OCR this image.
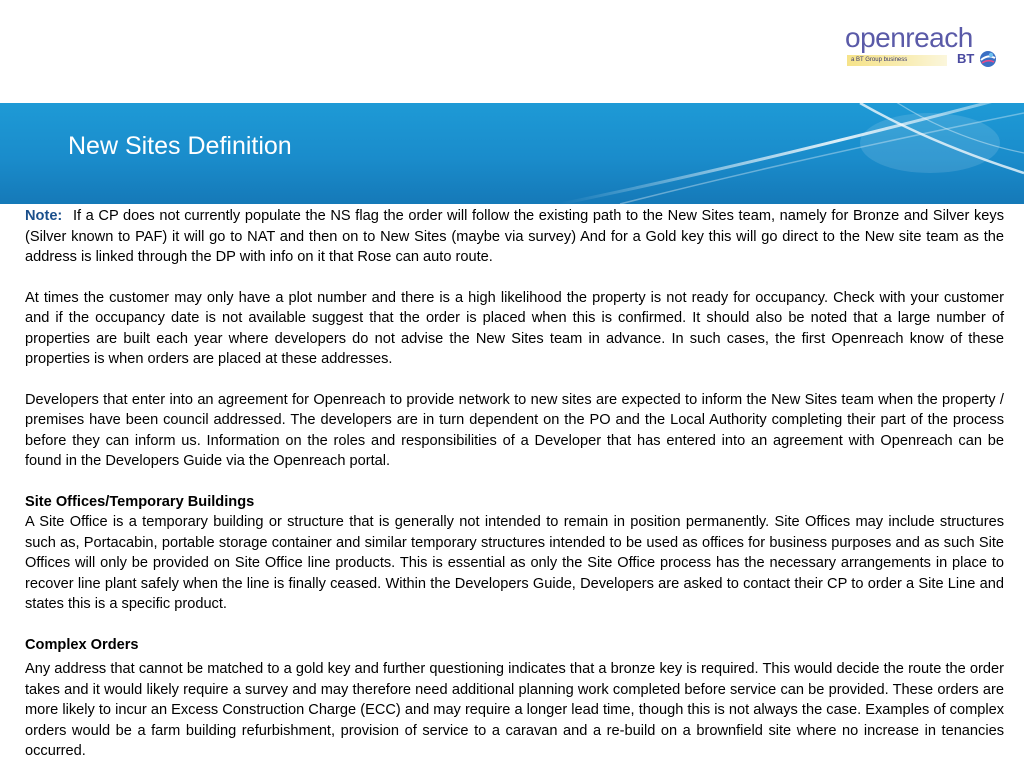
openreach
a BT Group business	BT
New Sites Definition

Note: If a CP does not currently populate the NS flag the order will follow the existing path to the New Sites team, namely for Bronze and Silver keys (Silver known to PAF) it will go to NAT and then on to New Sites (maybe via survey) And for a Gold key this will go direct to the New site team as the address is linked through the DP with info on it that Rose can auto route.

At times the customer may only have a plot number and there is a high likelihood the property is not ready for occupancy. Check with your customer and if the occupancy date is not available suggest that the order is placed when this is confirmed. It should also be noted that a large number of properties are built each year where developers do not advise the New Sites team in advance. In such cases, the first Openreach know of these properties is when orders are placed at these addresses.

Developers that enter into an agreement for Openreach to provide network to new sites are expected to inform the New Sites team when the property / premises have been council addressed. The developers are in turn dependent on the PO and the Local Authority completing their part of the process before they can inform us. Information on the roles and responsibilities of a Developer that has entered into an agreement with Openreach can be found in the Developers Guide via the Openreach portal.

Site Offices/Temporary Buildings

A Site Office is a temporary building or structure that is generally not intended to remain in position permanently. Site Offices may include structures such as, Portacabin, portable storage container and similar temporary structures intended to be used as offices for business purposes and as such Site Offices will only be provided on Site Office line products. This is essential as only the Site Office process has the necessary arrangements in place to recover line plant safely when the line is finally ceased. Within the Developers Guide, Developers are asked to contact their CP to order a Site Line and states this is a specific product.

Complex Orders

Any address that cannot be matched to a gold key and further questioning indicates that a bronze key is required. This would decide the route the order takes and it would likely require a survey and may therefore need additional planning work completed before service can be provided. These orders are more likely to incur an Excess Construction Charge (ECC) and may require a longer lead time, though this is not always the case. Examples of complex orders would be a farm building refurbishment, provision of service to a caravan and a re-build on a brownfield site where no increase in tenancies occurred.
